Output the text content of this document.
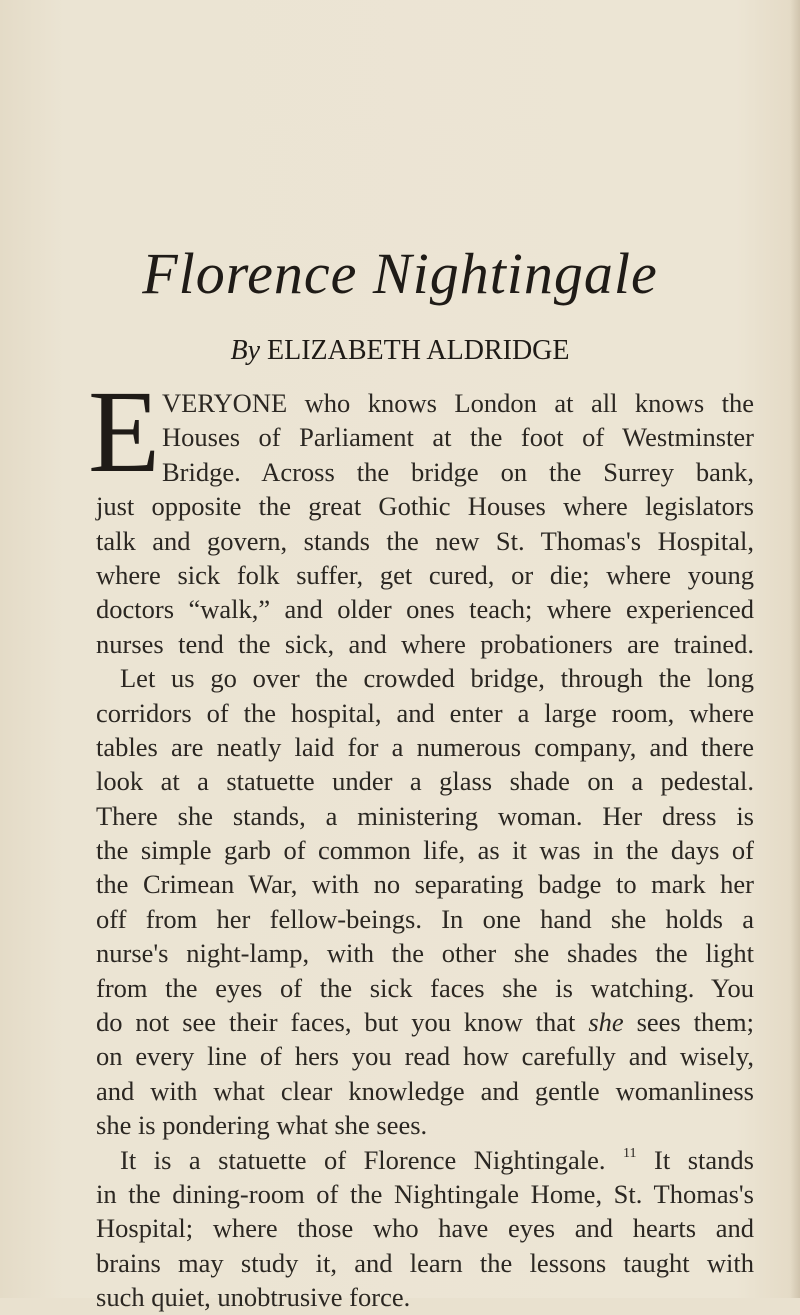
Florence Nightingale
By ELIZABETH ALDRIDGE
E VERYONE who knows London at all knows the
Houses of Parliament at the foot of Westminster
Bridge. Across the bridge on the Surrey bank,
just opposite the great Gothic Houses where legislators
talk and govern, stands the new St. Thomas's Hospital,
where sick folk suffer, get cured, or die; where young
doctors “walk,” and older ones teach; where experienced
nurses tend the sick, and where probationers are trained.
Let us go over the crowded bridge, through the long
corridors of the hospital, and enter a large room, where
tables are neatly laid for a numerous company, and there
look at a statuette under a glass shade on a pedestal.
There she stands, a ministering woman. Her dress is
the simple garb of common life, as it was in the days of
the Crimean War, with no separating badge to mark her
off from her fellow-beings. In one hand she holds a
nurse's night-lamp, with the other she shades the light
from the eyes of the sick faces she is watching. You
do not see their faces, but you know that she sees them;
on every line of hers you read how carefully and wisely,
and with what clear knowledge and gentle womanliness
she is pondering what she sees.
It is a statuette of Florence Nightingale. $^{11}$ It stands
in the dining-room of the Nightingale Home, St. Thomas's
Hospital; where those who have eyes and hearts and
brains may study it, and learn the lessons taught with
such quiet, unobtrusive force.
